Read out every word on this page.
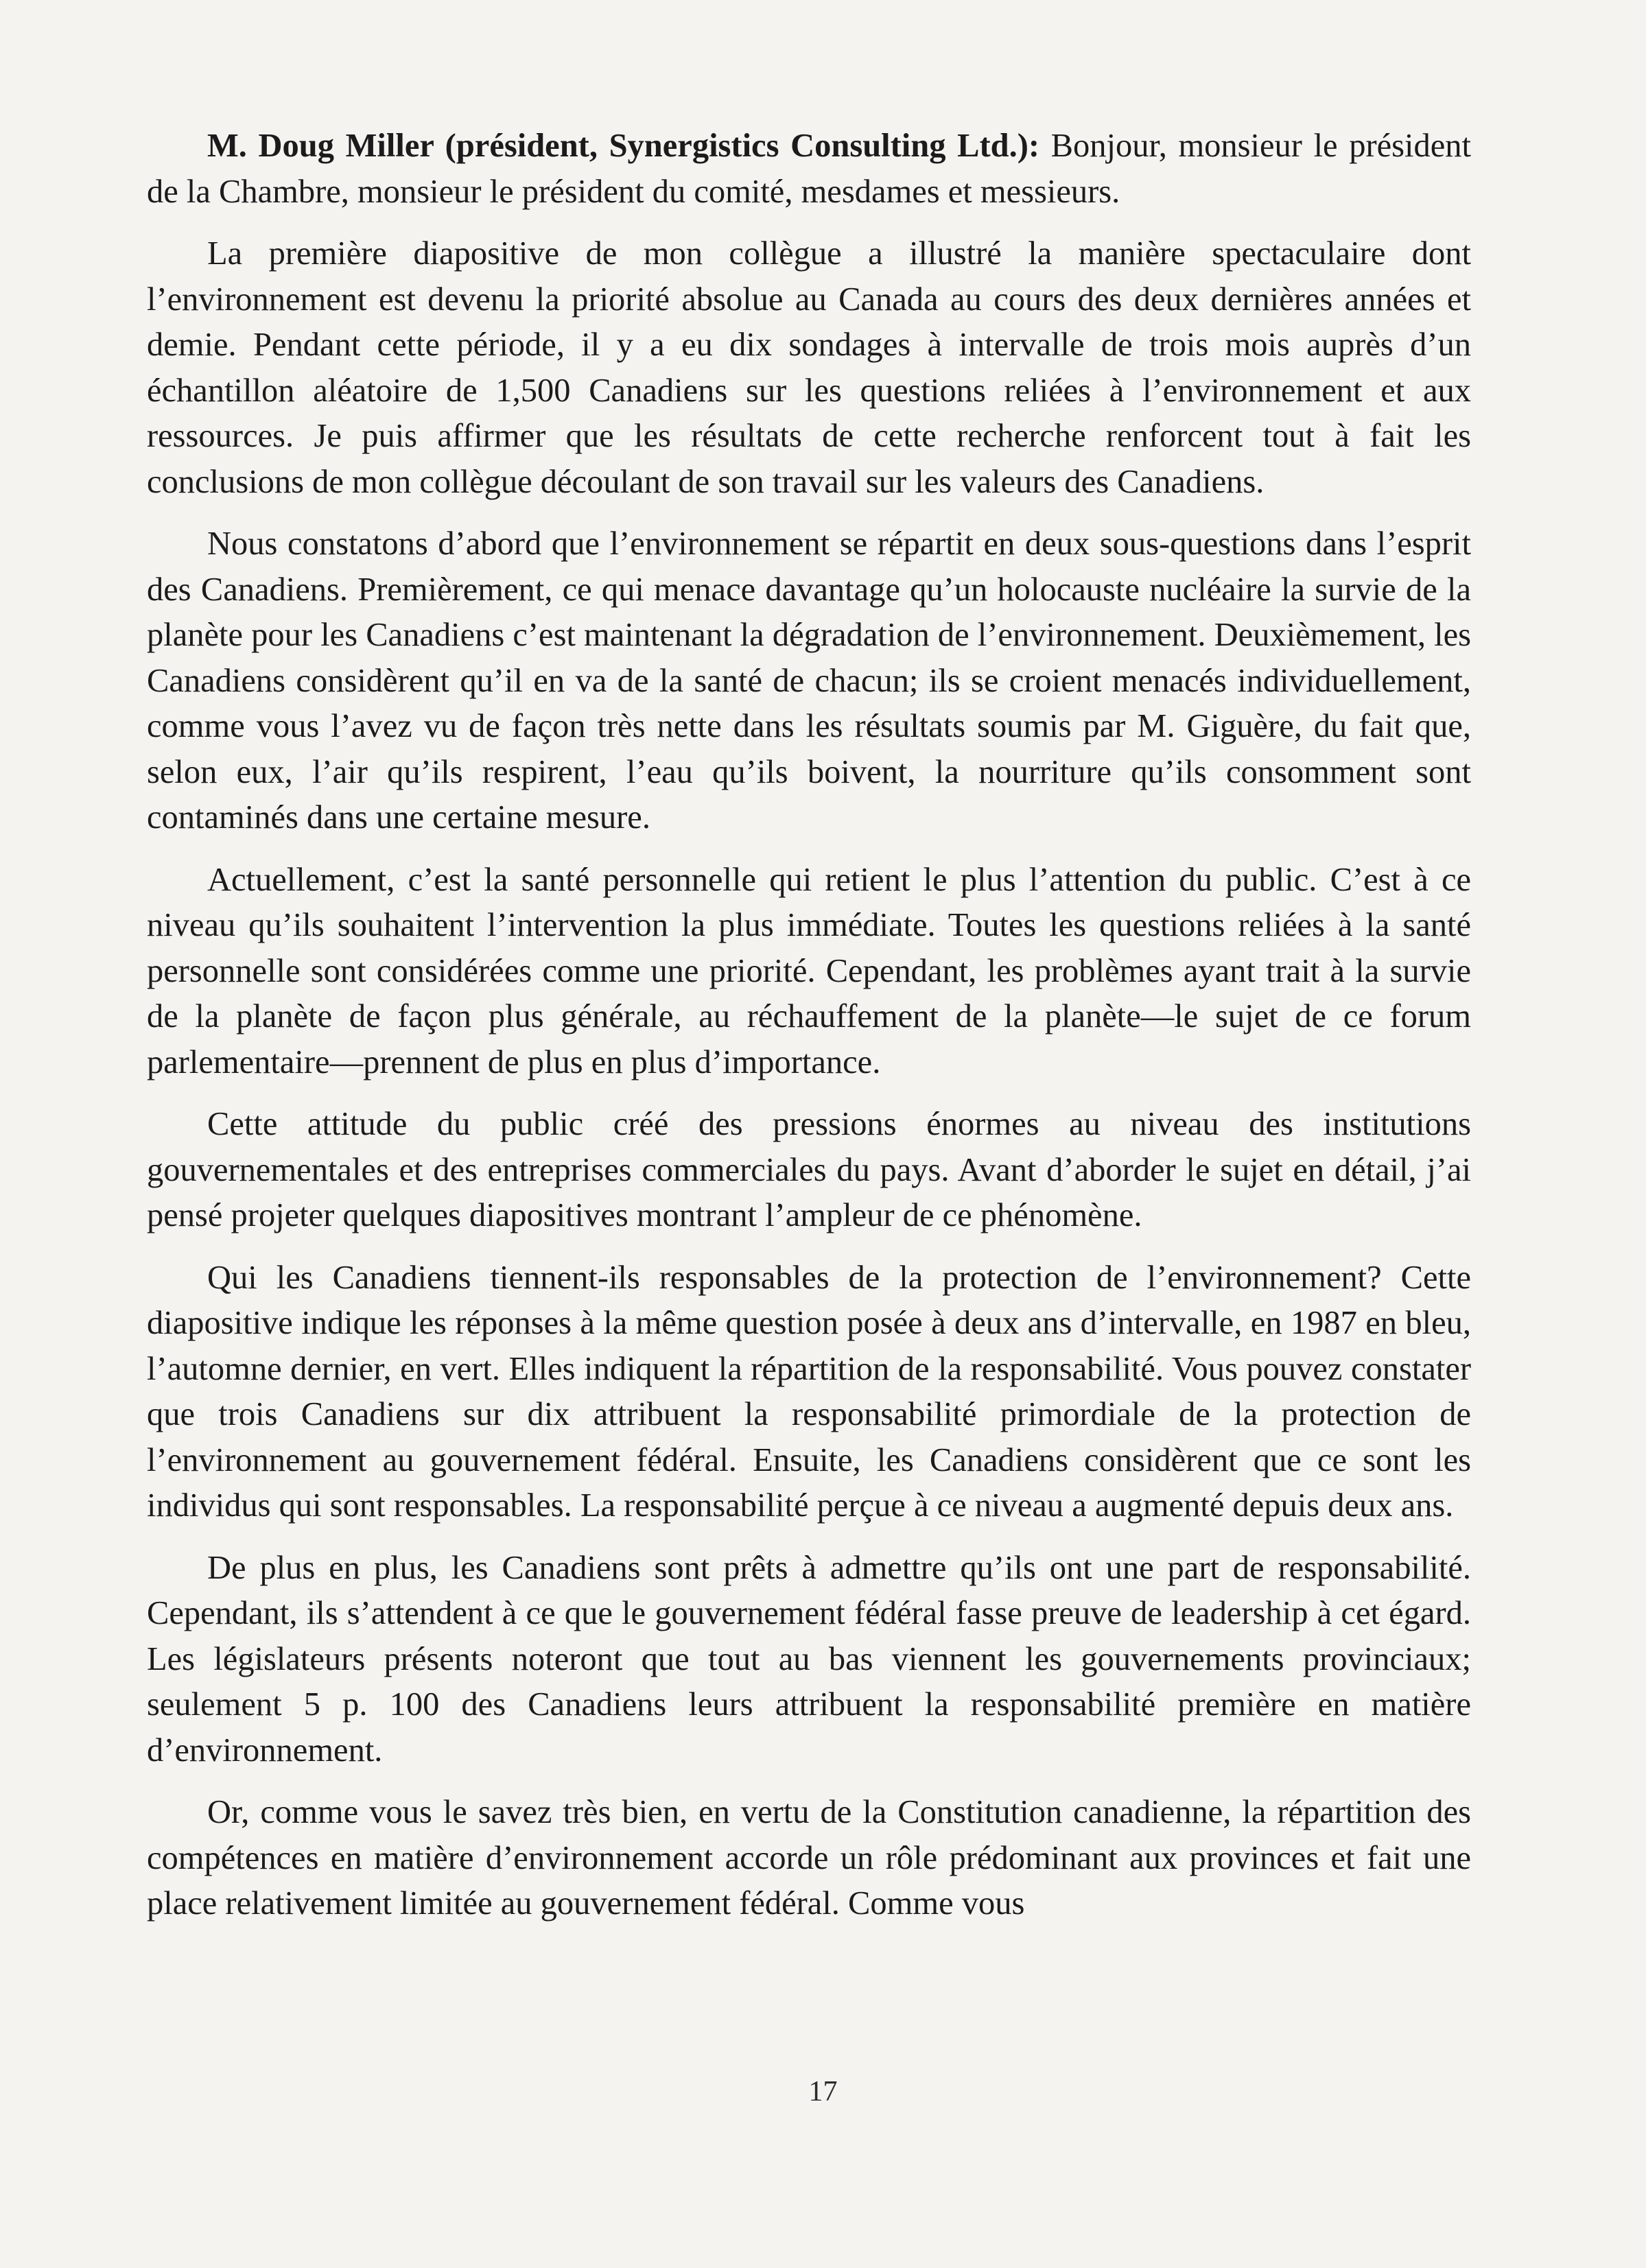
M. Doug Miller (président, Synergistics Consulting Ltd.): Bonjour, monsieur le président de la Chambre, monsieur le président du comité, mesdames et messieurs.

La première diapositive de mon collègue a illustré la manière spectaculaire dont l’environnement est devenu la priorité absolue au Canada au cours des deux dernières années et demie. Pendant cette période, il y a eu dix sondages à intervalle de trois mois auprès d’un échantillon aléatoire de 1,500 Canadiens sur les questions reliées à l’environnement et aux ressources. Je puis affirmer que les résultats de cette recherche renforcent tout à fait les conclusions de mon collègue découlant de son travail sur les valeurs des Canadiens.

Nous constatons d’abord que l’environnement se répartit en deux sous-questions dans l’esprit des Canadiens. Premièrement, ce qui menace davantage qu’un holocauste nucléaire la survie de la planète pour les Canadiens c’est maintenant la dégradation de l’environnement. Deuxièmement, les Canadiens considèrent qu’il en va de la santé de chacun; ils se croient menacés individuellement, comme vous l’avez vu de façon très nette dans les résultats soumis par M. Giguère, du fait que, selon eux, l’air qu’ils respirent, l’eau qu’ils boivent, la nourriture qu’ils consomment sont contaminés dans une certaine mesure.

Actuellement, c’est la santé personnelle qui retient le plus l’attention du public. C’est à ce niveau qu’ils souhaitent l’intervention la plus immédiate. Toutes les questions reliées à la santé personnelle sont considérées comme une priorité. Cependant, les problèmes ayant trait à la survie de la planète de façon plus générale, au réchauffement de la planète—le sujet de ce forum parlementaire—prennent de plus en plus d’importance.

Cette attitude du public créé des pressions énormes au niveau des institutions gouvernementales et des entreprises commerciales du pays. Avant d’aborder le sujet en détail, j’ai pensé projeter quelques diapositives montrant l’ampleur de ce phénomène.

Qui les Canadiens tiennent-ils responsables de la protection de l’environnement? Cette diapositive indique les réponses à la même question posée à deux ans d’intervalle, en 1987 en bleu, l’automne dernier, en vert. Elles indiquent la répartition de la responsabilité. Vous pouvez constater que trois Canadiens sur dix attribuent la responsabilité primordiale de la protection de l’environnement au gouvernement fédéral. Ensuite, les Canadiens considèrent que ce sont les individus qui sont responsables. La responsabilité perçue à ce niveau a augmenté depuis deux ans.

De plus en plus, les Canadiens sont prêts à admettre qu’ils ont une part de responsabilité. Cependant, ils s’attendent à ce que le gouvernement fédéral fasse preuve de leadership à cet égard. Les législateurs présents noteront que tout au bas viennent les gouvernements provinciaux; seulement 5 p. 100 des Canadiens leurs attribuent la responsabilité première en matière d’environnement.

Or, comme vous le savez très bien, en vertu de la Constitution canadienne, la répartition des compétences en matière d’environnement accorde un rôle prédominant aux provinces et fait une place relativement limitée au gouvernement fédéral. Comme vous

17
